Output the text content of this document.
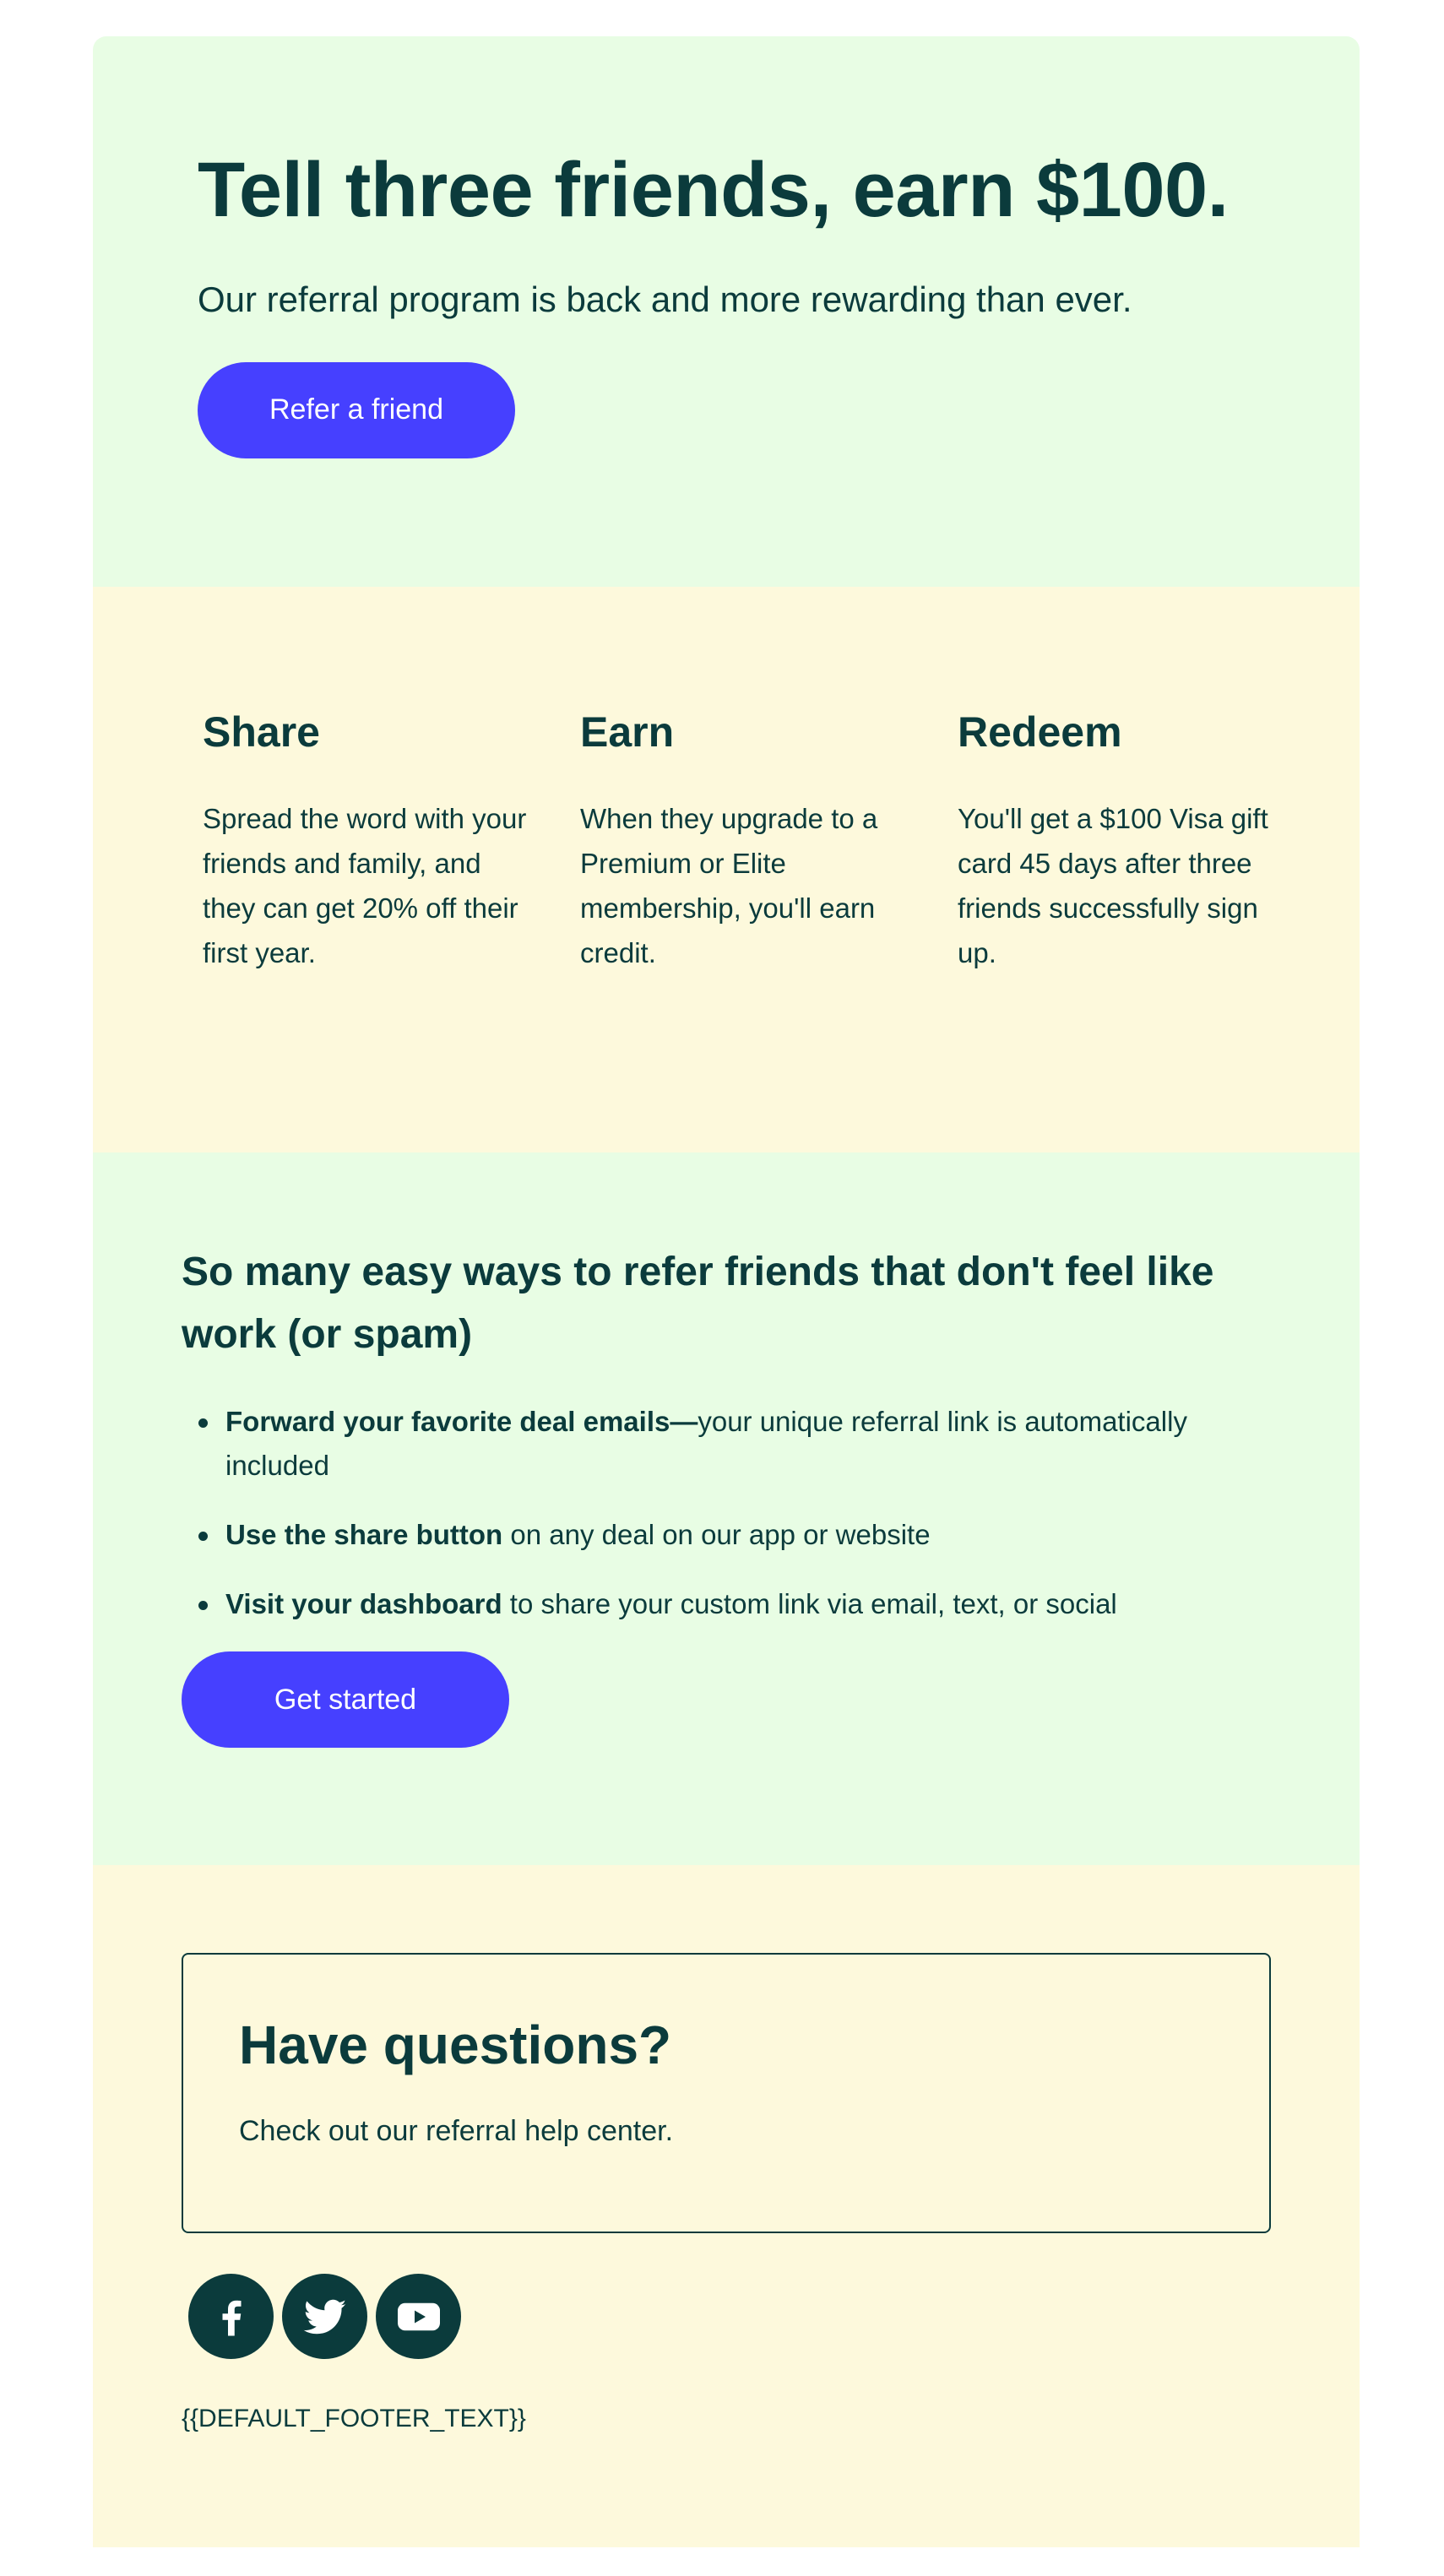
Tell three friends, earn $100.

Our referral program is back and more rewarding than ever.

Refer a friend
Share

Spread the word with your friends and family, and they can get 20% off their first year.

Earn

When they upgrade to a Premium or Elite membership, you'll earn credit.

Redeem

You'll get a $100 Visa gift card 45 days after three friends successfully sign up.

So many easy ways to refer friends that don't feel like work (or spam)
Forward your favorite deal emails—your unique referral link is automatically included
Use the share button on any deal on our app or website
Visit your dashboard to share your custom link via email, text, or social
Get started
Have questions?

Check out our referral help center.

{{DEFAULT_FOOTER_TEXT}}
